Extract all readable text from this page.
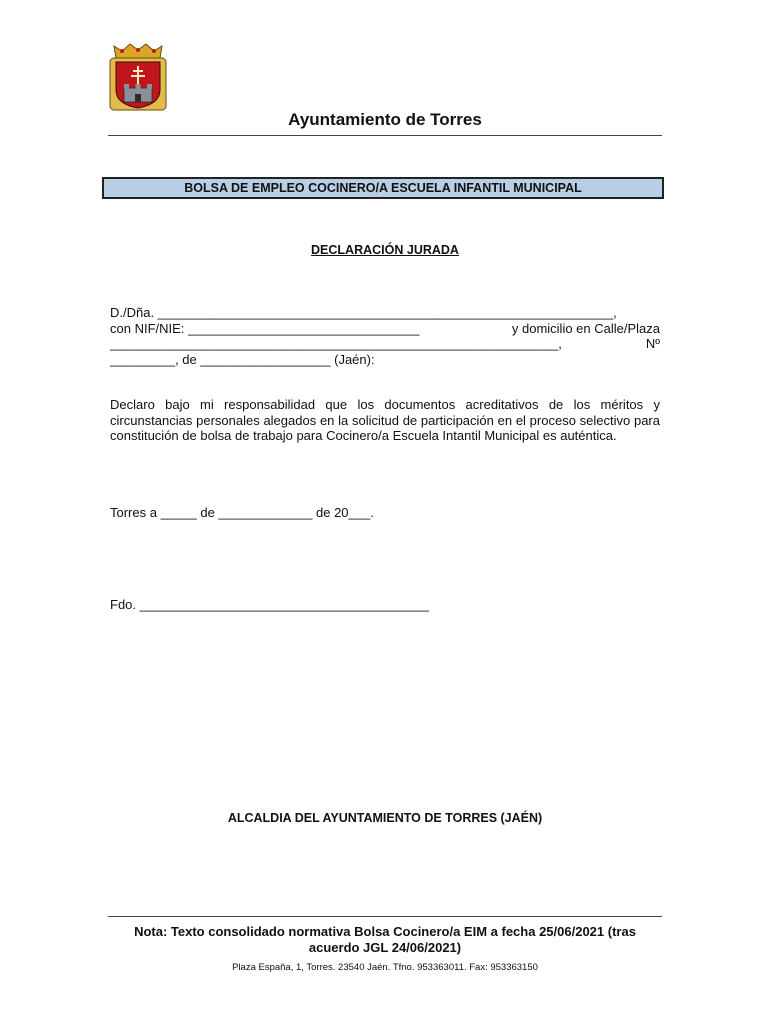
Ayuntamiento de Torres
BOLSA DE EMPLEO COCINERO/A ESCUELA INFANTIL MUNICIPAL
DECLARACIÓN JURADA
D./Dña. _______________________________________________________________,
con NIF/NIE: ________________________________	y domicilio en Calle/Plaza
______________________________________________________________,	Nº
_________, de __________________ (Jaén):
Declaro bajo mi responsabilidad que los documentos acreditativos de los méritos y circunstancias personales alegados en la solicitud de participación en el proceso selectivo para constitución de bolsa de trabajo para Cocinero/a Escuela Intantil Municipal es auténtica.
Torres a _____ de _____________ de 20___.
Fdo. ________________________________________
ALCALDIA DEL AYUNTAMIENTO DE TORRES (JAÉN)
Nota: Texto consolidado normativa Bolsa Cocinero/a EIM a fecha 25/06/2021 (tras acuerdo JGL 24/06/2021)
Plaza España, 1, Torres. 23540 Jaén. Tfno. 953363011. Fax: 953363150
